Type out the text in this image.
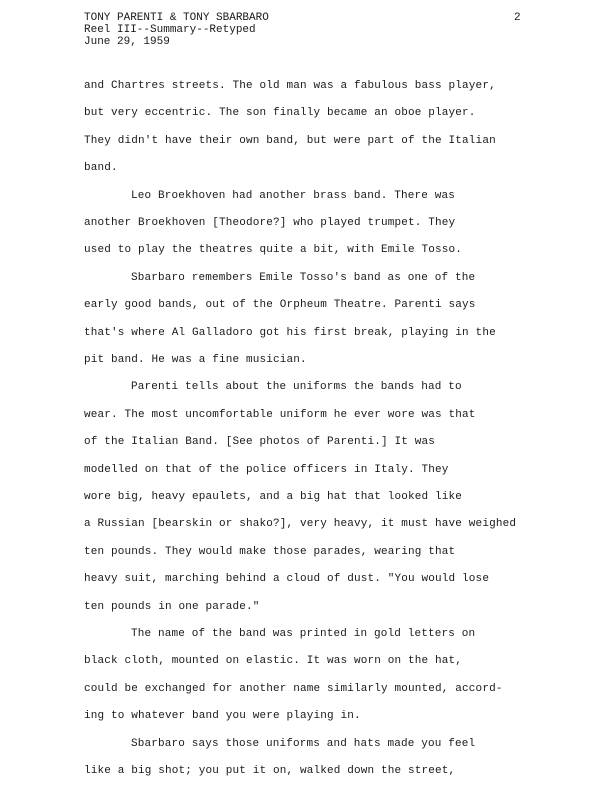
TONY PARENTI & TONY SBARBARO
Reel III--Summary--Retyped
June 29, 1959
2
and Chartres streets. The old man was a fabulous bass player,
but very eccentric. The son finally became an oboe player.
They didn't have their own band, but were part of the Italian
band.
Leo Broekhoven had another brass band. There was
another Broekhoven [Theodore?] who played trumpet. They
used to play the theatres quite a bit, with Emile Tosso.
Sbarbaro remembers Emile Tosso's band as one of the
early good bands, out of the Orpheum Theatre. Parenti says
that's where Al Galladoro got his first break, playing in the
pit band. He was a fine musician.
Parenti tells about the uniforms the bands had to
wear. The most uncomfortable uniform he ever wore was that
of the Italian Band. [See photos of Parenti.] It was
modelled on that of the police officers in Italy. They
wore big, heavy epaulets, and a big hat that looked like
a Russian [bearskin or shako?], very heavy, it must have weighed
ten pounds. They would make those parades, wearing that
heavy suit, marching behind a cloud of dust. "You would lose
ten pounds in one parade."
The name of the band was printed in gold letters on
black cloth, mounted on elastic. It was worn on the hat,
could be exchanged for another name similarly mounted, accord-
ing to whatever band you were playing in.
Sbarbaro says those uniforms and hats made you feel
like a big shot; you put it on, walked down the street,
